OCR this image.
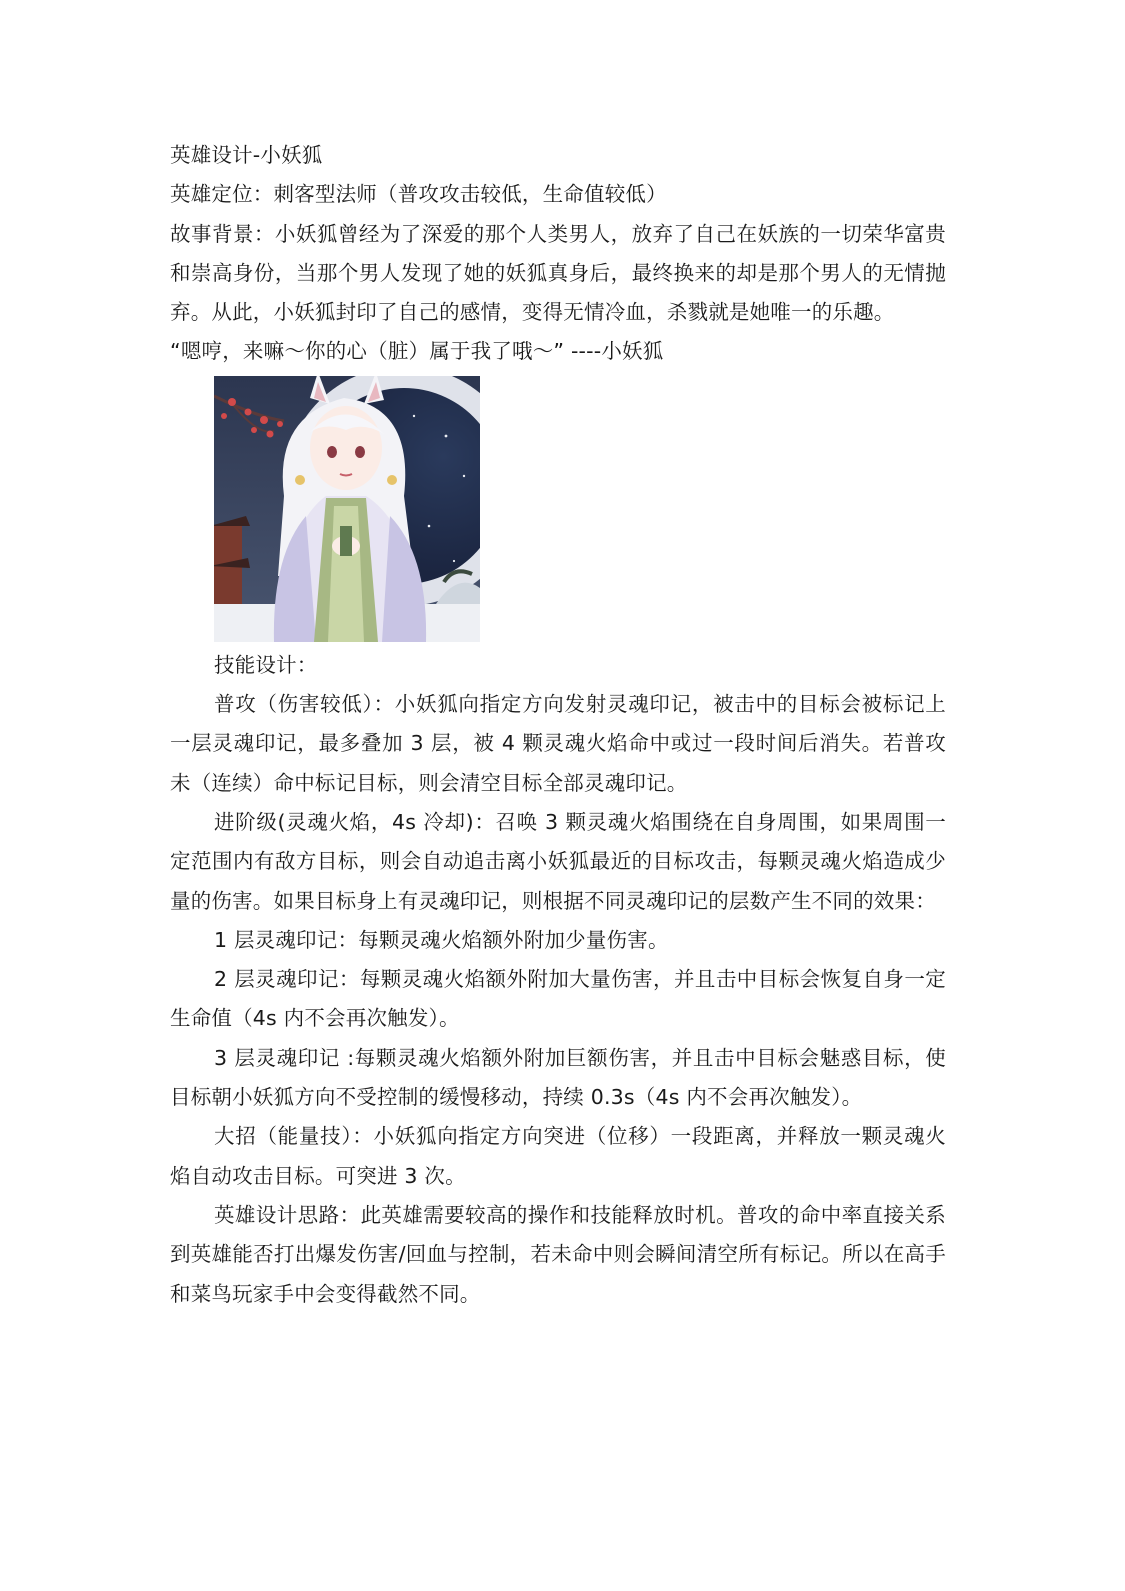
英雄设计-小妖狐

英雄定位：刺客型法师（普攻攻击较低，生命值较低）

故事背景：小妖狐曾经为了深爱的那个人类男人，放弃了自己在妖族的一切荣华富贵和崇高身份，当那个男人发现了她的妖狐真身后，最终换来的却是那个男人的无情抛弃。从此，小妖狐封印了自己的感情，变得无情冷血，杀戮就是她唯一的乐趣。

“嗯哼，来嘛～你的心（脏）属于我了哦～” ----小妖狐

技能设计：

普攻（伤害较低）：小妖狐向指定方向发射灵魂印记，被击中的目标会被标记上一层灵魂印记，最多叠加 3 层，被 4 颗灵魂火焰命中或过一段时间后消失。若普攻未（连续）命中标记目标，则会清空目标全部灵魂印记。

进阶级(灵魂火焰，4s 冷却)：召唤 3 颗灵魂火焰围绕在自身周围，如果周围一定范围内有敌方目标，则会自动追击离小妖狐最近的目标攻击，每颗灵魂火焰造成少量的伤害。如果目标身上有灵魂印记，则根据不同灵魂印记的层数产生不同的效果：

1 层灵魂印记：每颗灵魂火焰额外附加少量伤害。

2 层灵魂印记：每颗灵魂火焰额外附加大量伤害，并且击中目标会恢复自身一定生命值（4s 内不会再次触发）。

3 层灵魂印记 :每颗灵魂火焰额外附加巨额伤害，并且击中目标会魅惑目标，使目标朝小妖狐方向不受控制的缓慢移动，持续 0.3s（4s 内不会再次触发）。

大招（能量技）：小妖狐向指定方向突进（位移）一段距离，并释放一颗灵魂火焰自动攻击目标。可突进 3 次。

英雄设计思路：此英雄需要较高的操作和技能释放时机。普攻的命中率直接关系到英雄能否打出爆发伤害/回血与控制，若未命中则会瞬间清空所有标记。所以在高手和菜鸟玩家手中会变得截然不同。
